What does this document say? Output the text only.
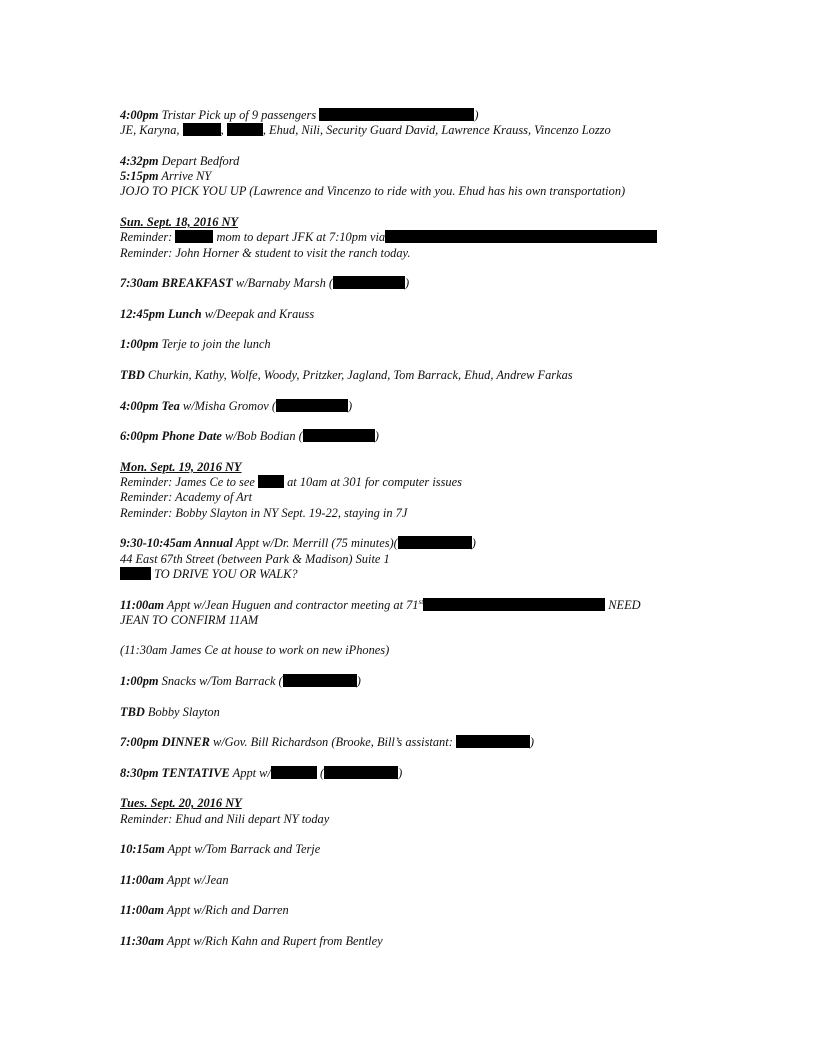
4:00pm Tristar Pick up of 9 passengers	)
JE, Karyna,	,	, Ehud, Nili, Security Guard David, Lawrence Krauss, Vincenzo Lozzo
4:32pm Depart Bedford
5:15pm Arrive NY
JOJO TO PICK YOU UP (Lawrence and Vincenzo to ride with you. Ehud has his own transportation)
Sun. Sept. 18, 2016 NY
Reminder:	mom to depart JFK at 7:10pm via
Reminder: John Horner & student to visit the ranch today.
7:30am BREAKFAST w/Barnaby Marsh (	)
12:45pm Lunch w/Deepak and Krauss
1:00pm Terje to join the lunch
TBD Churkin, Kathy, Wolfe, Woody, Pritzker, Jagland, Tom Barrack, Ehud, Andrew Farkas
4:00pm Tea w/Misha Gromov (	)
6:00pm Phone Date w/Bob Bodian (	)
Mon. Sept. 19, 2016 NY
Reminder: James Ce to see  at 10am at 301 for computer issues
Reminder: Academy of Art
Reminder: Bobby Slayton in NY Sept. 19-22, staying in 7J
9:30-10:45am Annual Appt w/Dr. Merrill (75 minutes)(	)
44 East 67th Street (between Park & Madison) Suite 1
TO DRIVE YOU OR WALK?
11:00am Appt w/Jean Huguen and contractor meeting at 71st	NEED
JEAN TO CONFIRM 11AM
(11:30am James Ce at house to work on new iPhones)
1:00pm Snacks w/Tom Barrack (	)
TBD Bobby Slayton
7:00pm DINNER w/Gov. Bill Richardson (Brooke, Bill’s assistant:	)
8:30pm TENTATIVE Appt w/	(	)
Tues. Sept. 20, 2016 NY
Reminder: Ehud and Nili depart NY today
10:15am Appt w/Tom Barrack and Terje
11:00am Appt w/Jean
11:00am Appt w/Rich and Darren
11:30am Appt w/Rich Kahn and Rupert from Bentley
